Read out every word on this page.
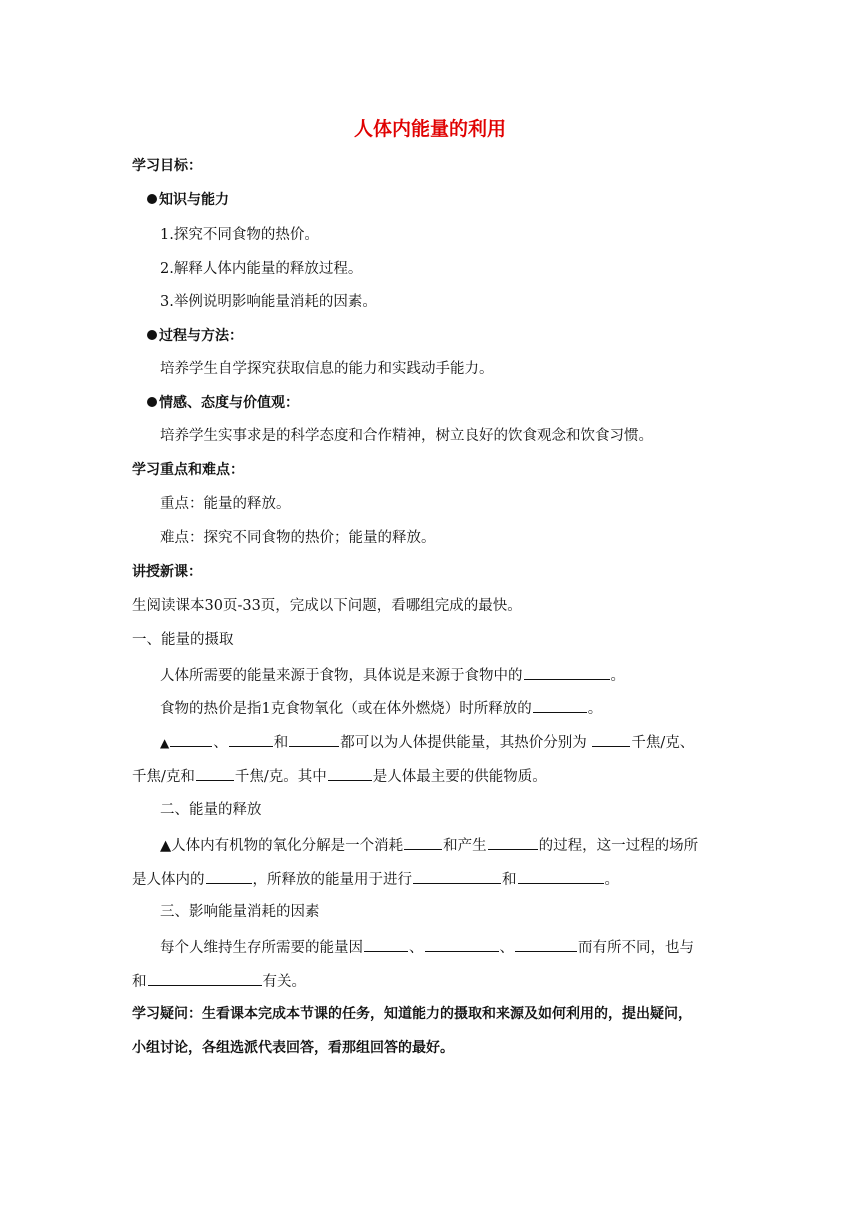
人体内能量的利用
学习目标：
知识与能力
1.探究不同食物的热价。
2.解释人体内能量的释放过程。
3.举例说明影响能量消耗的因素。
过程与方法：
培养学生自学探究获取信息的能力和实践动手能力。
情感、态度与价值观：
培养学生实事求是的科学态度和合作精神，树立良好的饮食观念和饮食习惯。
学习重点和难点：
重点：能量的释放。
难点：探究不同食物的热价；能量的释放。
讲授新课：
生阅读课本30页-33页，完成以下问题，看哪组完成的最快。
一、能量的摄取
人体所需要的能量来源于食物，具体说是来源于食物中的	。
食物的热价是指1克食物氧化（或在体外燃烧）时所释放的	。
▲	、	和	都可以为人体提供能量，其热价分别为	千焦/克、
千焦/克和	千焦/克。其中	是人体最主要的供能物质。
二、能量的释放
▲人体内有机物的氧化分解是一个消耗	和产生	的过程，这一过程的场所
是人体内的	，所释放的能量用于进行	和	。
三、影响能量消耗的因素
每个人维持生存所需要的能量因	、	、	而有所不同，也与
和	有关。
学习疑问：生看课本完成本节课的任务，知道能力的摄取和来源及如何利用的，提出疑问，
小组讨论，各组选派代表回答，看那组回答的最好。
